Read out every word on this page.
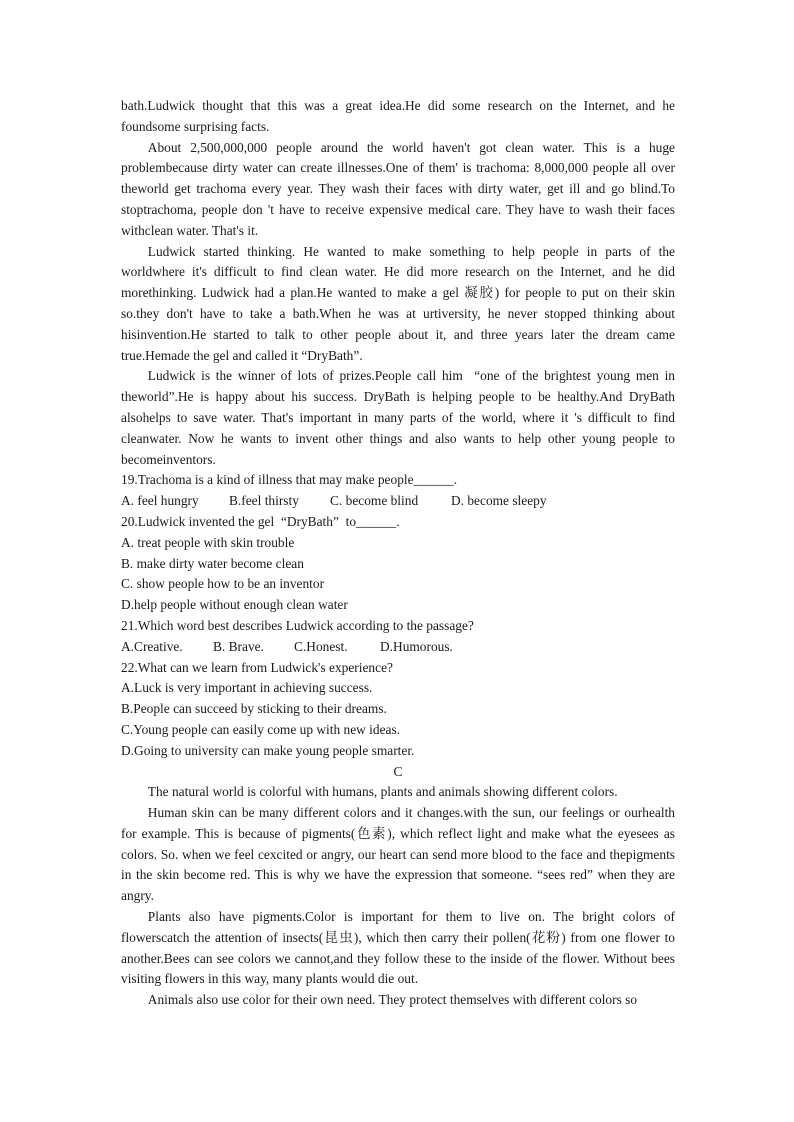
bath.Ludwick thought that this was a great idea.He did some research on the Internet, and he foundsome surprising facts.

About 2,500,000,000 people around the world haven't got clean water. This is a huge problembecause dirty water can create illnesses.One of them' is trachoma: 8,000,000 people all over theworld get trachoma every year. They wash their faces with dirty water, get ill and go blind.To stoptrachoma, people don 't have to receive expensive medical care. They have to wash their faces withclean water. That's it.

Ludwick started thinking. He wanted to make something to help people in parts of the worldwhere it's difficult to find clean water. He did more research on the Internet, and he did morethinking. Ludwick had a plan.He wanted to make a gel 凝胶) for people to put on their skin so.they don't have to take a bath.When he was at urtiversity, he never stopped thinking about hisinvention.He started to talk to other people about it, and three years later the dream came true.Hemade the gel and called it “DryBath”.

Ludwick is the winner of lots of prizes.People call him  “one of the brightest young men in theworld”.He is happy about his success. DryBath is helping people to be healthy.And DryBath alsohelps to save water. That's important in many parts of the world, where it 's difficult to find cleanwater. Now he wants to invent other things and also wants to help other young people to becomeinventors.

19.Trachoma is a kind of illness that may make people______.

A. feel hungry	B.feel thirsty	C. become blind	D. become sleepy

20.Ludwick invented the gel  “DryBath”  to______.

A. treat people with skin trouble

B. make dirty water become clean

C. show people how to be an inventor

D.help people without enough clean water

21.Which word best describes Ludwick according to the passage?

A.Creative.	B. Brave.	C.Honest.	D.Humorous.

22.What can we learn from Ludwick's experience?

A.Luck is very important in achieving success.

B.People can succeed by sticking to their dreams.

C.Young people can easily come up with new ideas.

D.Going to university can make young people smarter.

C

The natural world is colorful with humans, plants and animals showing different colors.

Human skin can be many different colors and it changes.with the sun, our feelings or ourhealth for example. This is because of pigments(色素), which reflect light and make what the eyesees as colors. So. when we feel cexcited or angry, our heart can send more blood to the face and thepigments in the skin become red. This is why we have the expression that someone. “sees red” when they are angry.

Plants also have pigments.Color is important for them to live on. The bright colors of flowerscatch the attention of insects(昆虫), which then carry their pollen(花粉) from one flower to another.Bees can see colors we cannot,and they follow these to the inside of the flower. Without bees visiting flowers in this way, many plants would die out.

Animals also use color for their own need. They protect themselves with different colors so
